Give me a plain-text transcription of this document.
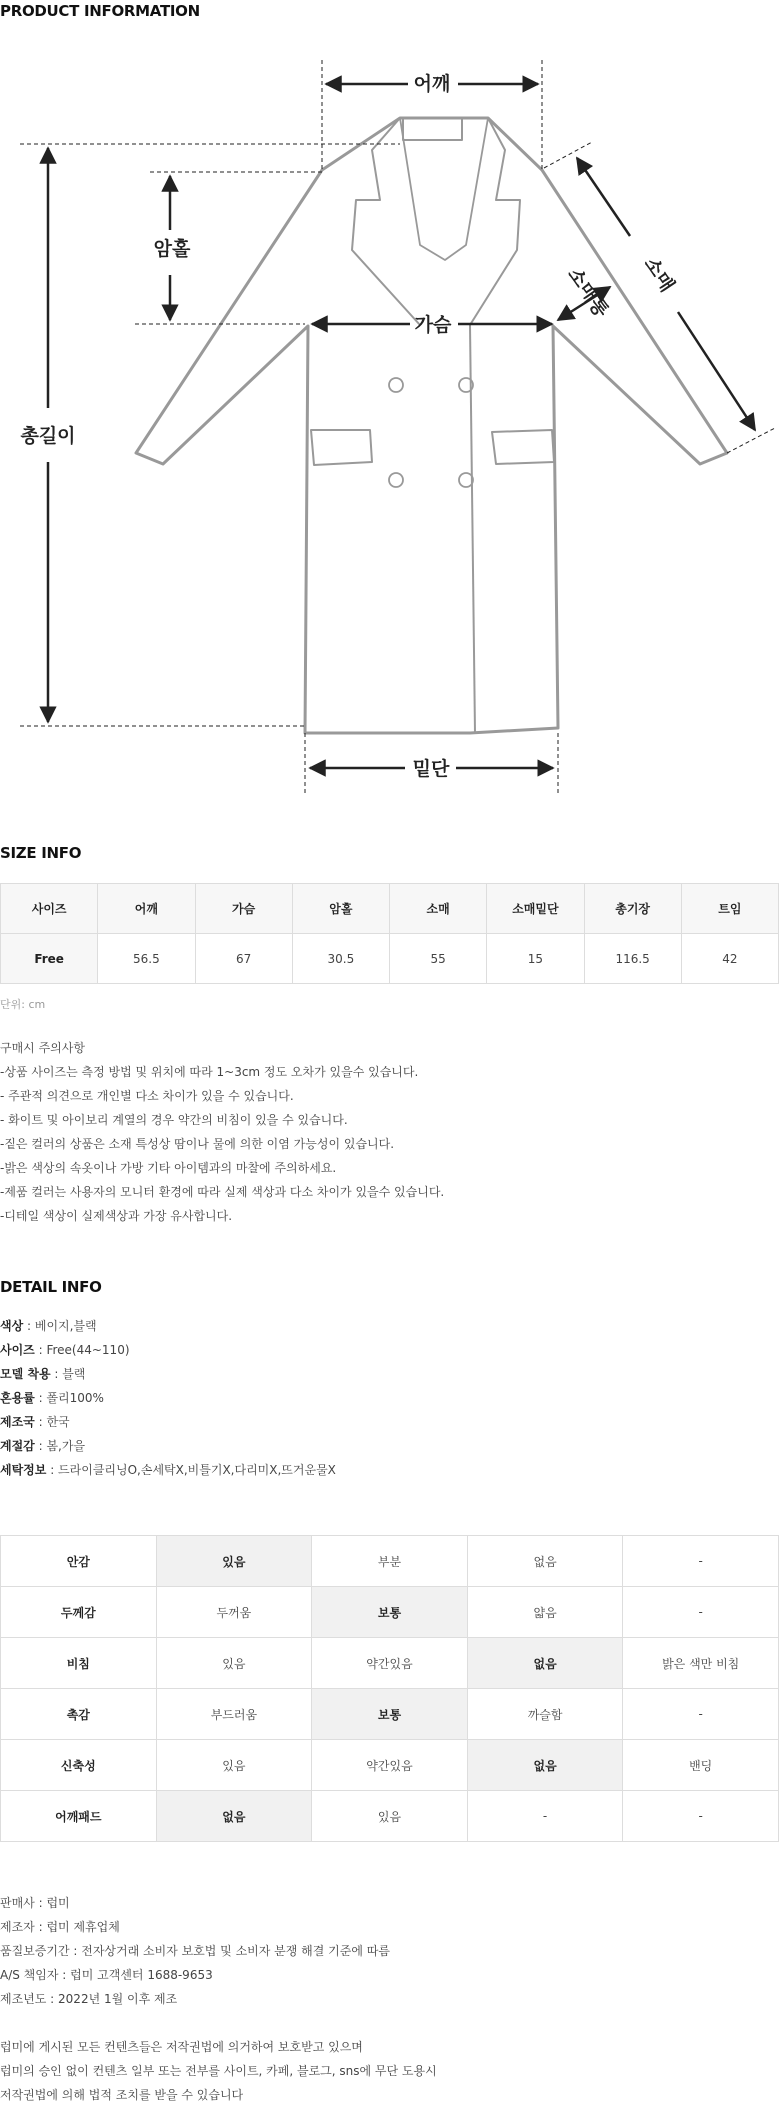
PRODUCT INFORMATION
어깨
암홀
총길이
가슴
밑단
소매
소매통
SIZE INFO
사이즈	어깨	가슴	암홀	소매	소매밑단	총기장	트임
Free	56.5	67	30.5	55	15	116.5	42
단위: cm
구매시 주의사항
-상품 사이즈는 측정 방법 및 위치에 따라 1~3cm 정도 오차가 있을수 있습니다.
- 주관적 의견으로 개인별 다소 차이가 있을 수 있습니다.
- 화이트 및 아이보리 계열의 경우 약간의 비침이 있을 수 있습니다.
-짙은 컬러의 상품은 소재 특성상 땀이나 물에 의한 이염 가능성이 있습니다.
-밝은 색상의 속옷이나 가방 기타 아이템과의 마찰에 주의하세요.
-제품 컬러는 사용자의 모니터 환경에 따라 실제 색상과 다소 차이가 있을수 있습니다.
-디테일 색상이 실제색상과 가장 유사합니다.
DETAIL INFO
색상 : 베이지,블랙
사이즈 : Free(44~110)
모델 착용 : 블랙
혼용률 : 폴리100%
제조국 : 한국
계절감 : 봄,가을
세탁정보 : 드라이클리닝O,손세탁X,비틀기X,다리미X,뜨거운물X
안감	있음	부분	없음	-
두께감	두꺼움	보통	얇음	-
비침	있음	약간있음	없음	밝은 색만 비침
촉감	부드러움	보통	까슬함	-
신축성	있음	약간있음	없음	밴딩
어깨패드	없음	있음	-	-
판매사 : 럽미
제조자 : 럽미 제휴업체
품질보증기간 : 전자상거래 소비자 보호법 및 소비자 분쟁 해결 기준에 따름
A/S 책임자 : 럽미 고객센터 1688-9653
제조년도 : 2022년 1월 이후 제조
럽미에 게시된 모든 컨텐츠들은 저작권법에 의거하여 보호받고 있으며
럽미의 승인 없이 컨텐츠 일부 또는 전부를 사이트, 카페, 블로그, sns에 무단 도용시
저작권법에 의해 법적 조치를 받을 수 있습니다
